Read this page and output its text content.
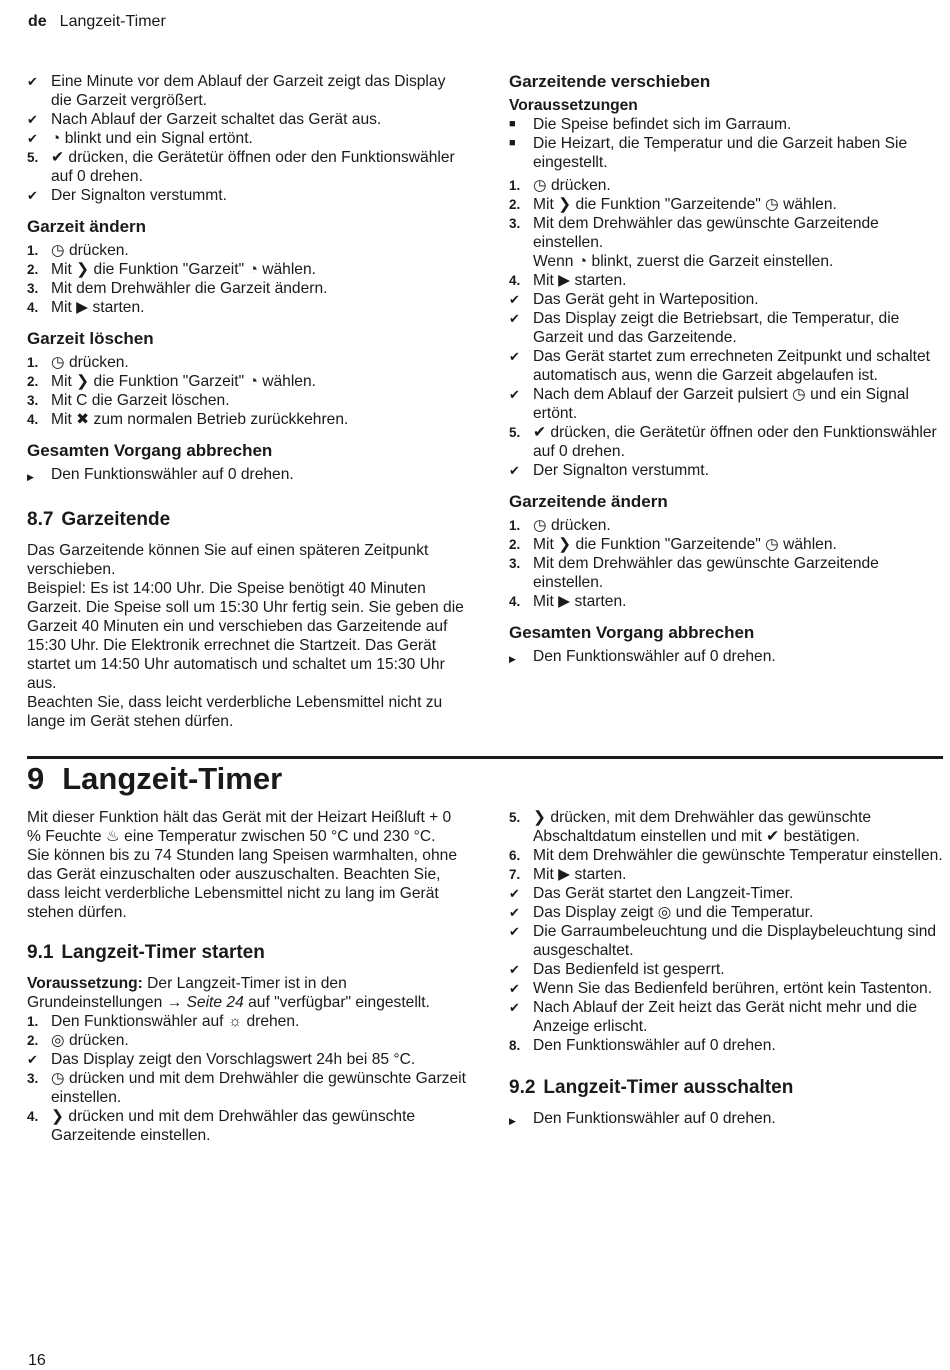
de Langzeit-Timer
✔ Eine Minute vor dem Ablauf der Garzeit zeigt das Display die Garzeit vergrößert.
✔ Nach Ablauf der Garzeit schaltet das Gerät aus.
✔ ◔ blinkt und ein Signal ertönt.
5. ✔ drücken, die Gerätetür öffnen oder den Funktionswähler auf 0 drehen.
✔ Der Signalton verstummt.
Garzeit ändern
1. ◷ drücken.
2. Mit ❯ die Funktion "Garzeit" ◔ wählen.
3. Mit dem Drehwähler die Garzeit ändern.
4. Mit ▶ starten.
Garzeit löschen
1. ◷ drücken.
2. Mit ❯ die Funktion "Garzeit" ◔ wählen.
3. Mit C die Garzeit löschen.
4. Mit ✖ zum normalen Betrieb zurückkehren.
Gesamten Vorgang abbrechen
▶	Den Funktionswähler auf 0 drehen.
8.7 Garzeitende

Das Garzeitende können Sie auf einen späteren Zeitpunkt verschieben.

Beispiel: Es ist 14:00 Uhr. Die Speise benötigt 40 Minuten Garzeit. Die Speise soll um 15:30 Uhr fertig sein. Sie geben die Garzeit 40 Minuten ein und verschieben das Garzeitende auf 15:30 Uhr. Die Elektronik errechnet die Startzeit. Das Gerät startet um 14:50 Uhr automatisch und schaltet um 15:30 Uhr aus.

Beachten Sie, dass leicht verderbliche Lebensmittel nicht zu lange im Gerät stehen dürfen.

Garzeitende verschieben
Voraussetzungen
■	Die Speise befindet sich im Garraum.
■	Die Heizart, die Temperatur und die Garzeit haben Sie eingestellt.
1. ◷ drücken.
2. Mit ❯ die Funktion "Garzeitende" ◷ wählen.
3. Mit dem Drehwähler das gewünschte Garzeitende einstellen.
Wenn ◔ blinkt, zuerst die Garzeit einstellen.
4. Mit ▶ starten.
✔ Das Gerät geht in Warteposition.
✔ Das Display zeigt die Betriebsart, die Temperatur, die Garzeit und das Garzeitende.
✔ Das Gerät startet zum errechneten Zeitpunkt und schaltet automatisch aus, wenn die Garzeit abgelaufen ist.
✔ Nach dem Ablauf der Garzeit pulsiert ◷ und ein Signal ertönt.
5. ✔ drücken, die Gerätetür öffnen oder den Funktionswähler auf 0 drehen.
✔ Der Signalton verstummt.
Garzeitende ändern
1. ◷ drücken.
2. Mit ❯ die Funktion "Garzeitende" ◷ wählen.
3. Mit dem Drehwähler das gewünschte Garzeitende einstellen.
4. Mit ▶ starten.
Gesamten Vorgang abbrechen
▶	Den Funktionswähler auf 0 drehen.
9 Langzeit-Timer

Mit dieser Funktion hält das Gerät mit der Heizart Heißluft + 0 % Feuchte ♨ eine Temperatur zwischen 50 °C und 230 °C.

Sie können bis zu 74 Stunden lang Speisen warmhalten, ohne das Gerät einzuschalten oder auszuschalten. Beachten Sie, dass leicht verderbliche Lebensmittel nicht zu lang im Gerät stehen dürfen.

9.1 Langzeit-Timer starten

Voraussetzung: Der Langzeit-Timer ist in den Grundeinstellungen → Seite 24 auf "verfügbar" eingestellt.

1. Den Funktionswähler auf ☼ drehen.
2. ◎ drücken.
✔ Das Display zeigt den Vorschlagswert 24h bei 85 °C.
3. ◷ drücken und mit dem Drehwähler die gewünschte Garzeit einstellen.
4. ❯ drücken und mit dem Drehwähler das gewünschte Garzeitende einstellen.
5. ❯ drücken, mit dem Drehwähler das gewünschte Abschaltdatum einstellen und mit ✔ bestätigen.
6. Mit dem Drehwähler die gewünschte Temperatur einstellen.
7. Mit ▶ starten.
✔ Das Gerät startet den Langzeit-Timer.
✔ Das Display zeigt ◎ und die Temperatur.
✔ Die Garraumbeleuchtung und die Displaybeleuchtung sind ausgeschaltet.
✔ Das Bedienfeld ist gesperrt.
✔ Wenn Sie das Bedienfeld berühren, ertönt kein Tastenton.
✔ Nach Ablauf der Zeit heizt das Gerät nicht mehr und die Anzeige erlischt.
8. Den Funktionswähler auf 0 drehen.
9.2 Langzeit-Timer ausschalten
▶	Den Funktionswähler auf 0 drehen.
16
